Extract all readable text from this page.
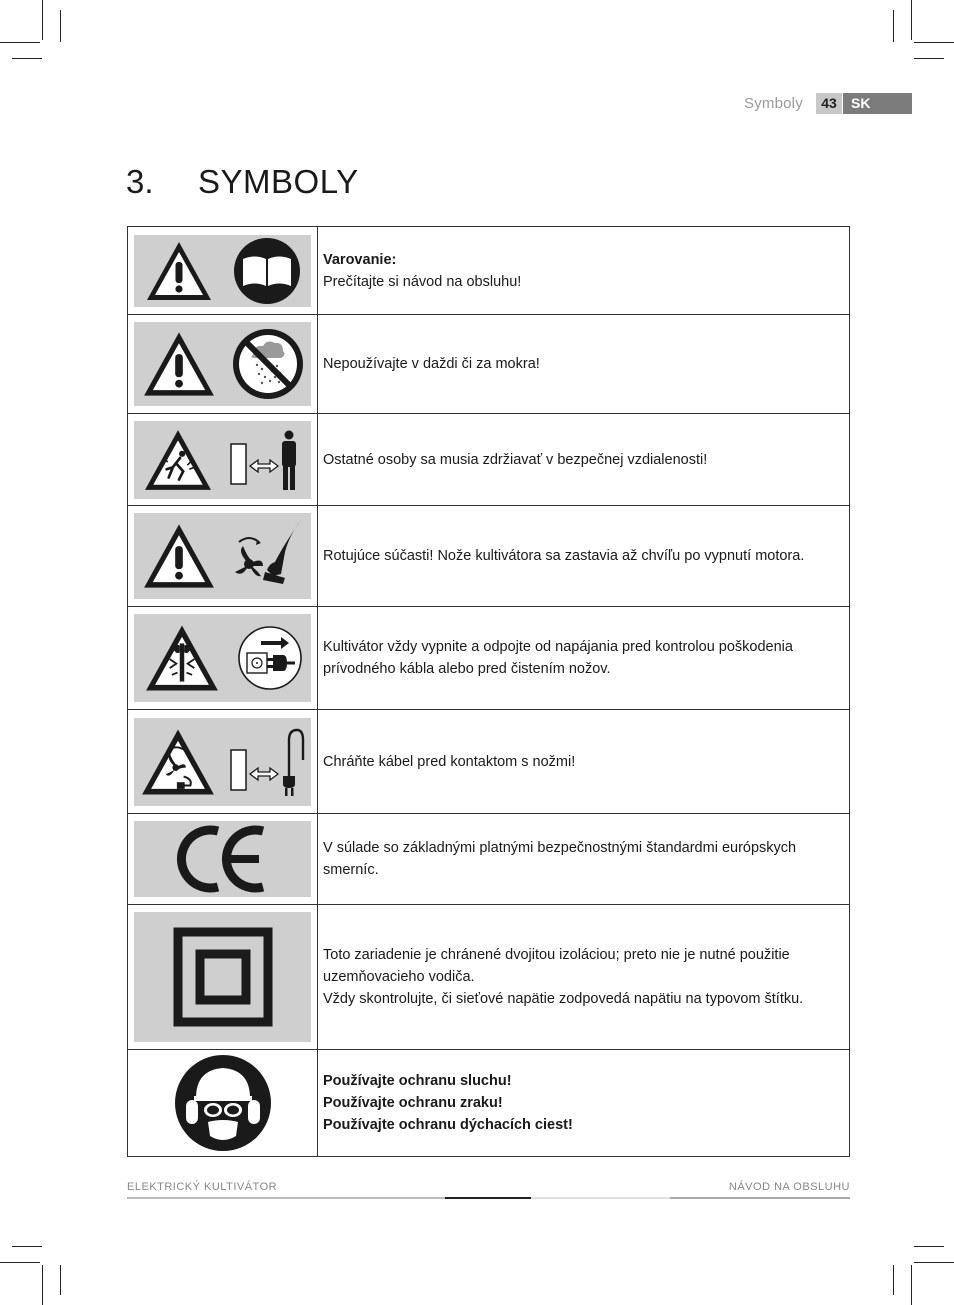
Symboly	43	SK
3. SYMBOLY

Varovanie:
Prečítajte si návod na obsluhu!

Nepoužívajte v daždi či za mokra!

Ostatné osoby sa musia zdržiavať v bezpečnej vzdialenosti!

Rotujúce súčasti! Nože kultivátora sa zastavia až chvíľu po vypnutí motora.

Kultivátor vždy vypnite a odpojte od napájania pred kontrolou poškodenia prívodného kábla alebo pred čistením nožov.

Chráňte kábel pred kontaktom s nožmi!

V súlade so základnými platnými bezpečnostnými štandardmi európskych smerníc.

Toto zariadenie je chránené dvojitou izoláciou; preto nie je nutné použitie uzemňovacieho vodiča.
Vždy skontrolujte, či sieťové napätie zodpovedá napätiu na typovom štítku.

Používajte ochranu sluchu!
Používajte ochranu zraku!
Používajte ochranu dýchacích ciest!
ELEKTRICKÝ KULTIVÁTOR	NÁVOD NA OBSLUHU
